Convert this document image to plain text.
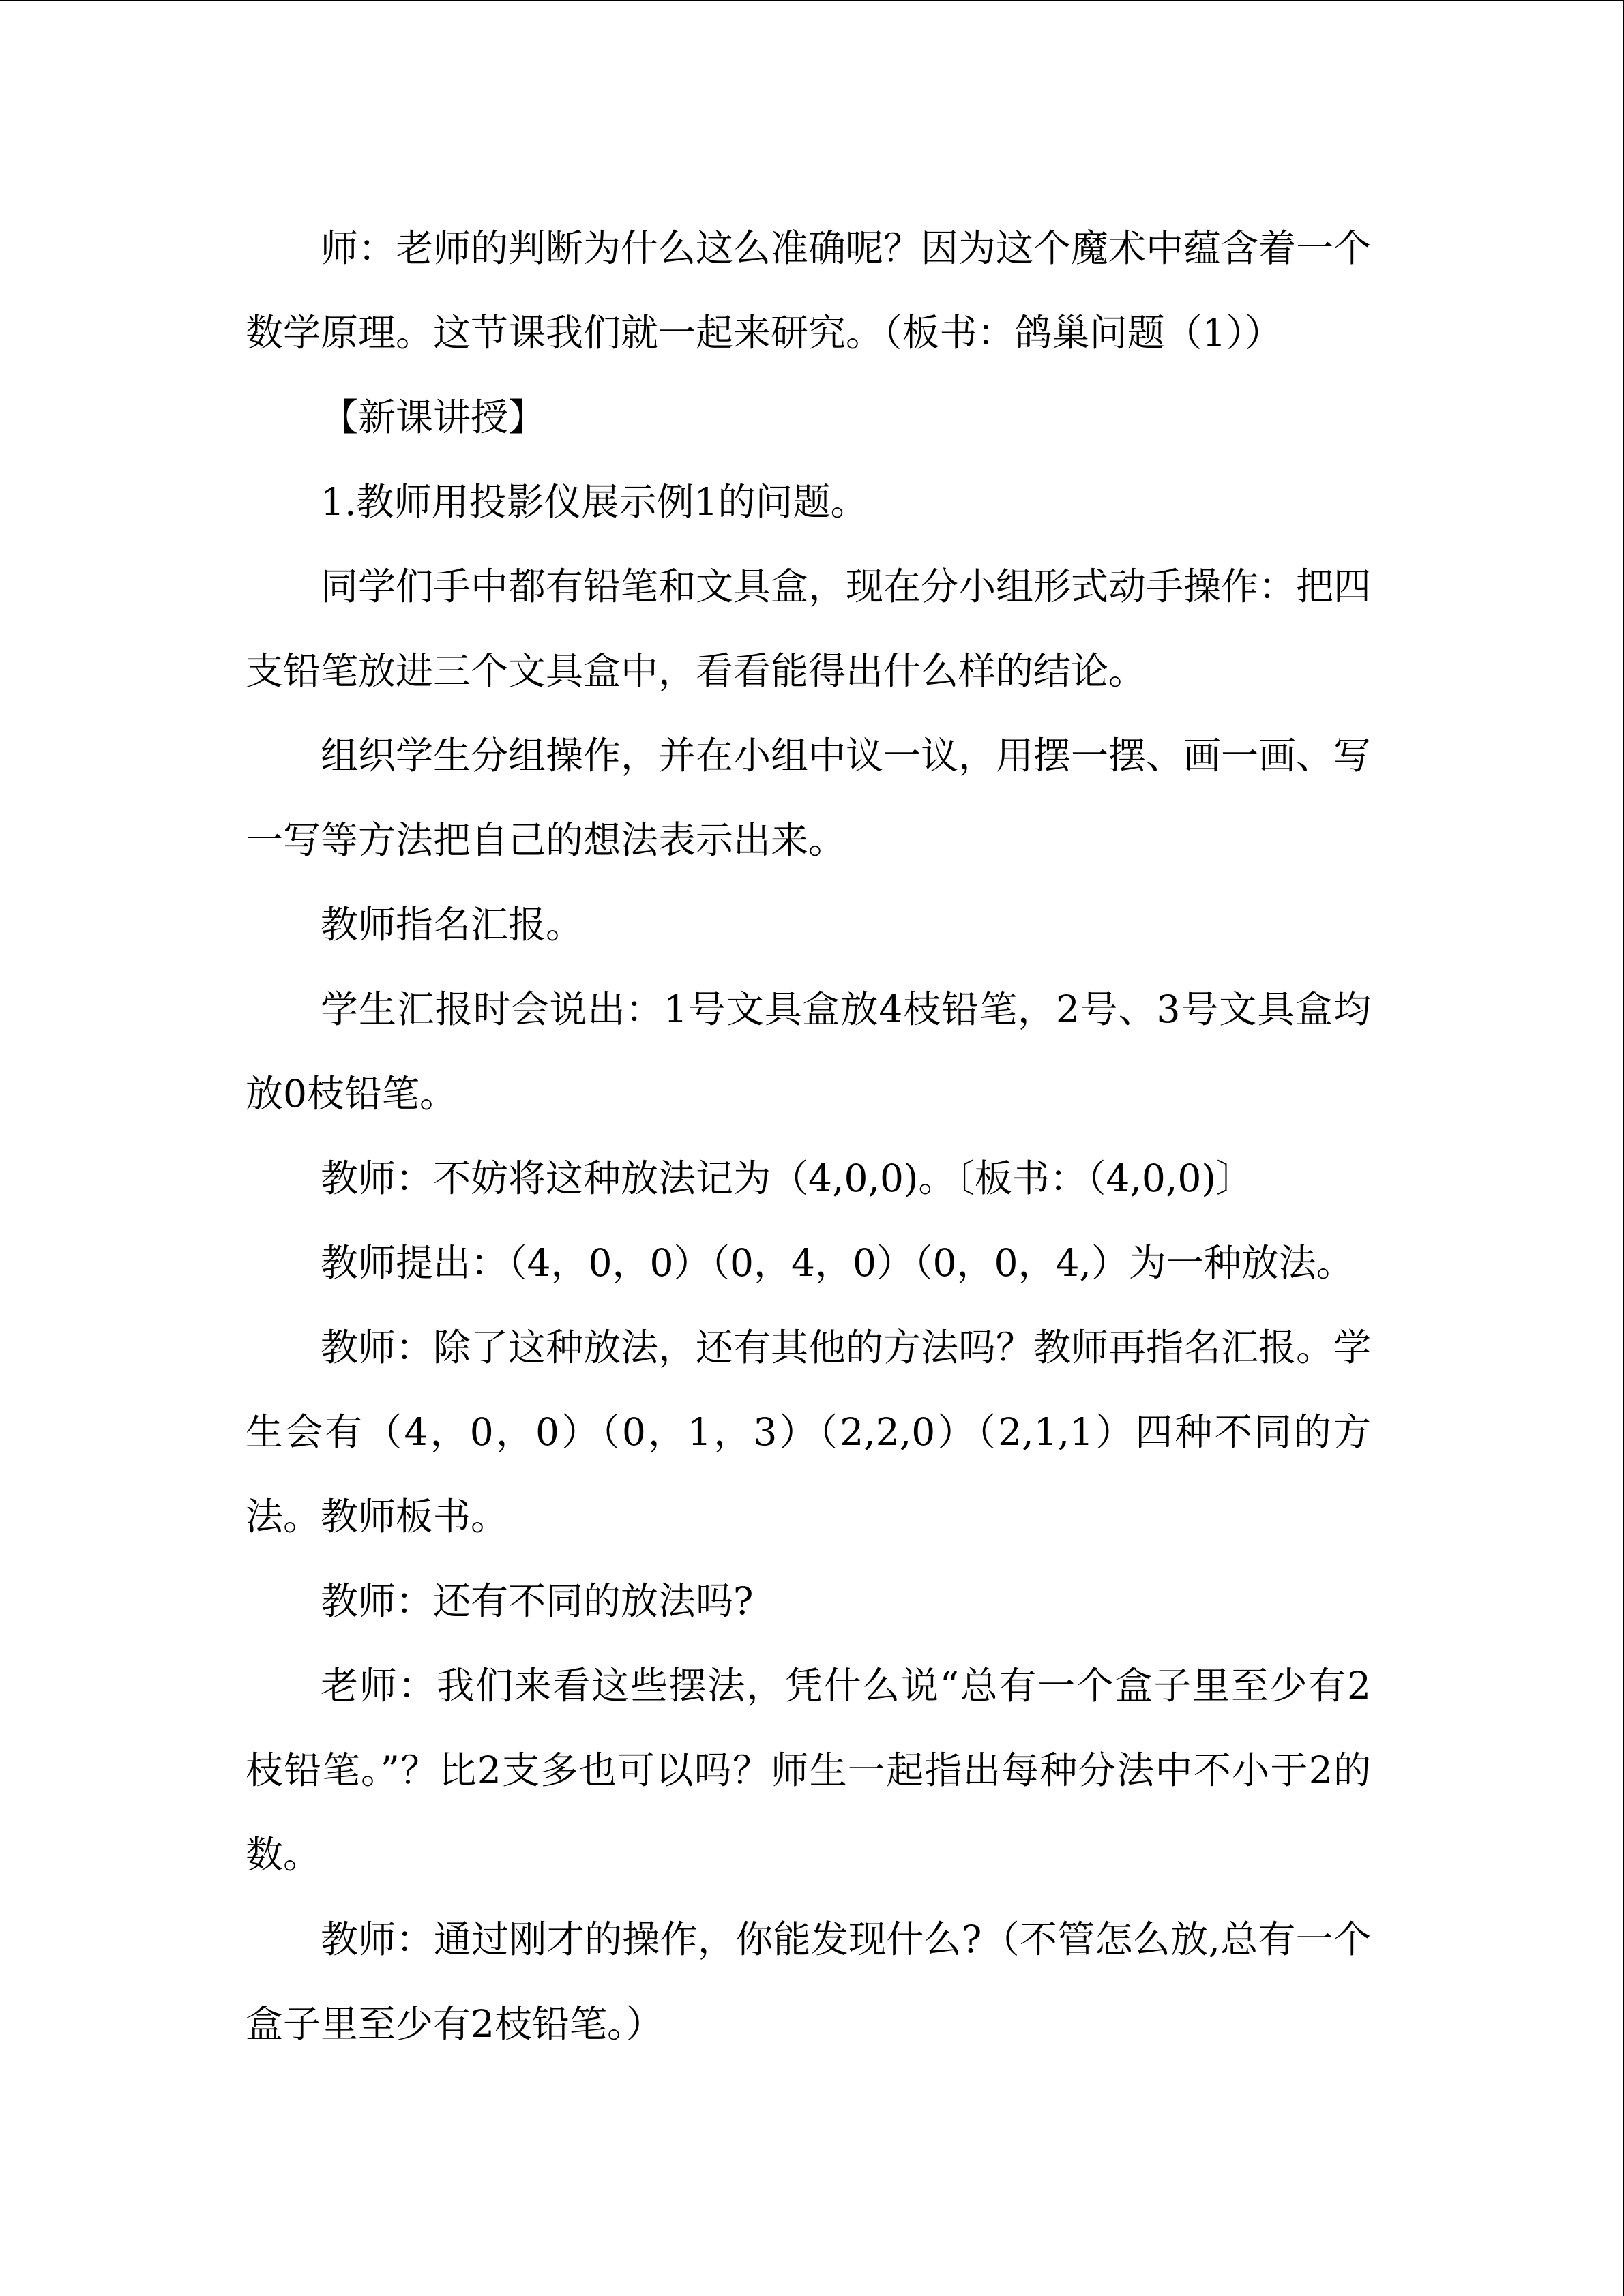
师：老师的判断为什么这么准确呢？因为这个魔术中蕴含着一个数学原理。这节课我们就一起来研究。（板书：鸽巢问题（1））

【新课讲授】

1.教师用投影仪展示例1的问题。

同学们手中都有铅笔和文具盒，现在分小组形式动手操作：把四支铅笔放进三个文具盒中，看看能得出什么样的结论。

组织学生分组操作，并在小组中议一议，用摆一摆、画一画、写一写等方法把自己的想法表示出来。

教师指名汇报。

学生汇报时会说出：1号文具盒放4枝铅笔，2号、3号文具盒均放0枝铅笔。

教师：不妨将这种放法记为（4,0,0)。〔板书：（4,0,0)〕

教师提出：（4，0，0）（0，4，0）（0，0，4,）为一种放法。

教师：除了这种放法，还有其他的方法吗？教师再指名汇报。学生会有（4，0，0）（0，1，3）（2,2,0）（2,1,1）四种不同的方法。教师板书。

教师：还有不同的放法吗?

老师：我们来看这些摆法，凭什么说“总有一个盒子里至少有2枝铅笔。”？比2支多也可以吗？师生一起指出每种分法中不小于2的数。

教师：通过刚才的操作，你能发现什么?（不管怎么放,总有一个盒子里至少有2枝铅笔。）
